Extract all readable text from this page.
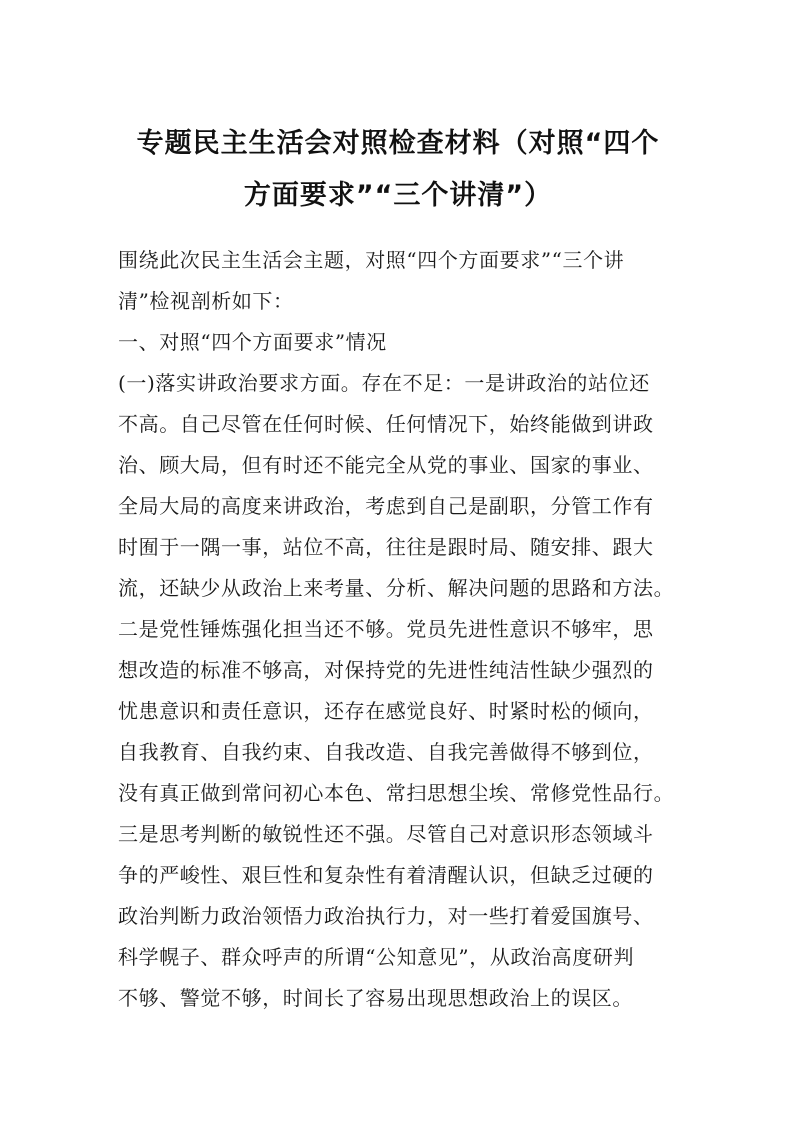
专题民主生活会对照检查材料（对照“四个
方面要求”“三个讲清”）
围绕此次民主生活会主题，对照“四个方面要求”“三个讲
清”检视剖析如下：
一、对照“四个方面要求”情况
(一)落实讲政治要求方面。存在不足：一是讲政治的站位还
不高。自己尽管在任何时候、任何情况下，始终能做到讲政
治、顾大局，但有时还不能完全从党的事业、国家的事业、
全局大局的高度来讲政治，考虑到自己是副职，分管工作有
时囿于一隅一事，站位不高，往往是跟时局、随安排、跟大
流，还缺少从政治上来考量、分析、解决问题的思路和方法。
二是党性锤炼强化担当还不够。党员先进性意识不够牢，思
想改造的标准不够高，对保持党的先进性纯洁性缺少强烈的
忧患意识和责任意识，还存在感觉良好、时紧时松的倾向，
自我教育、自我约束、自我改造、自我完善做得不够到位，
没有真正做到常问初心本色、常扫思想尘埃、常修党性品行。
三是思考判断的敏锐性还不强。尽管自己对意识形态领域斗
争的严峻性、艰巨性和复杂性有着清醒认识，但缺乏过硬的
政治判断力政治领悟力政治执行力，对一些打着爱国旗号、
科学幌子、群众呼声的所谓“公知意见”，从政治高度研判
不够、警觉不够，时间长了容易出现思想政治上的误区。
